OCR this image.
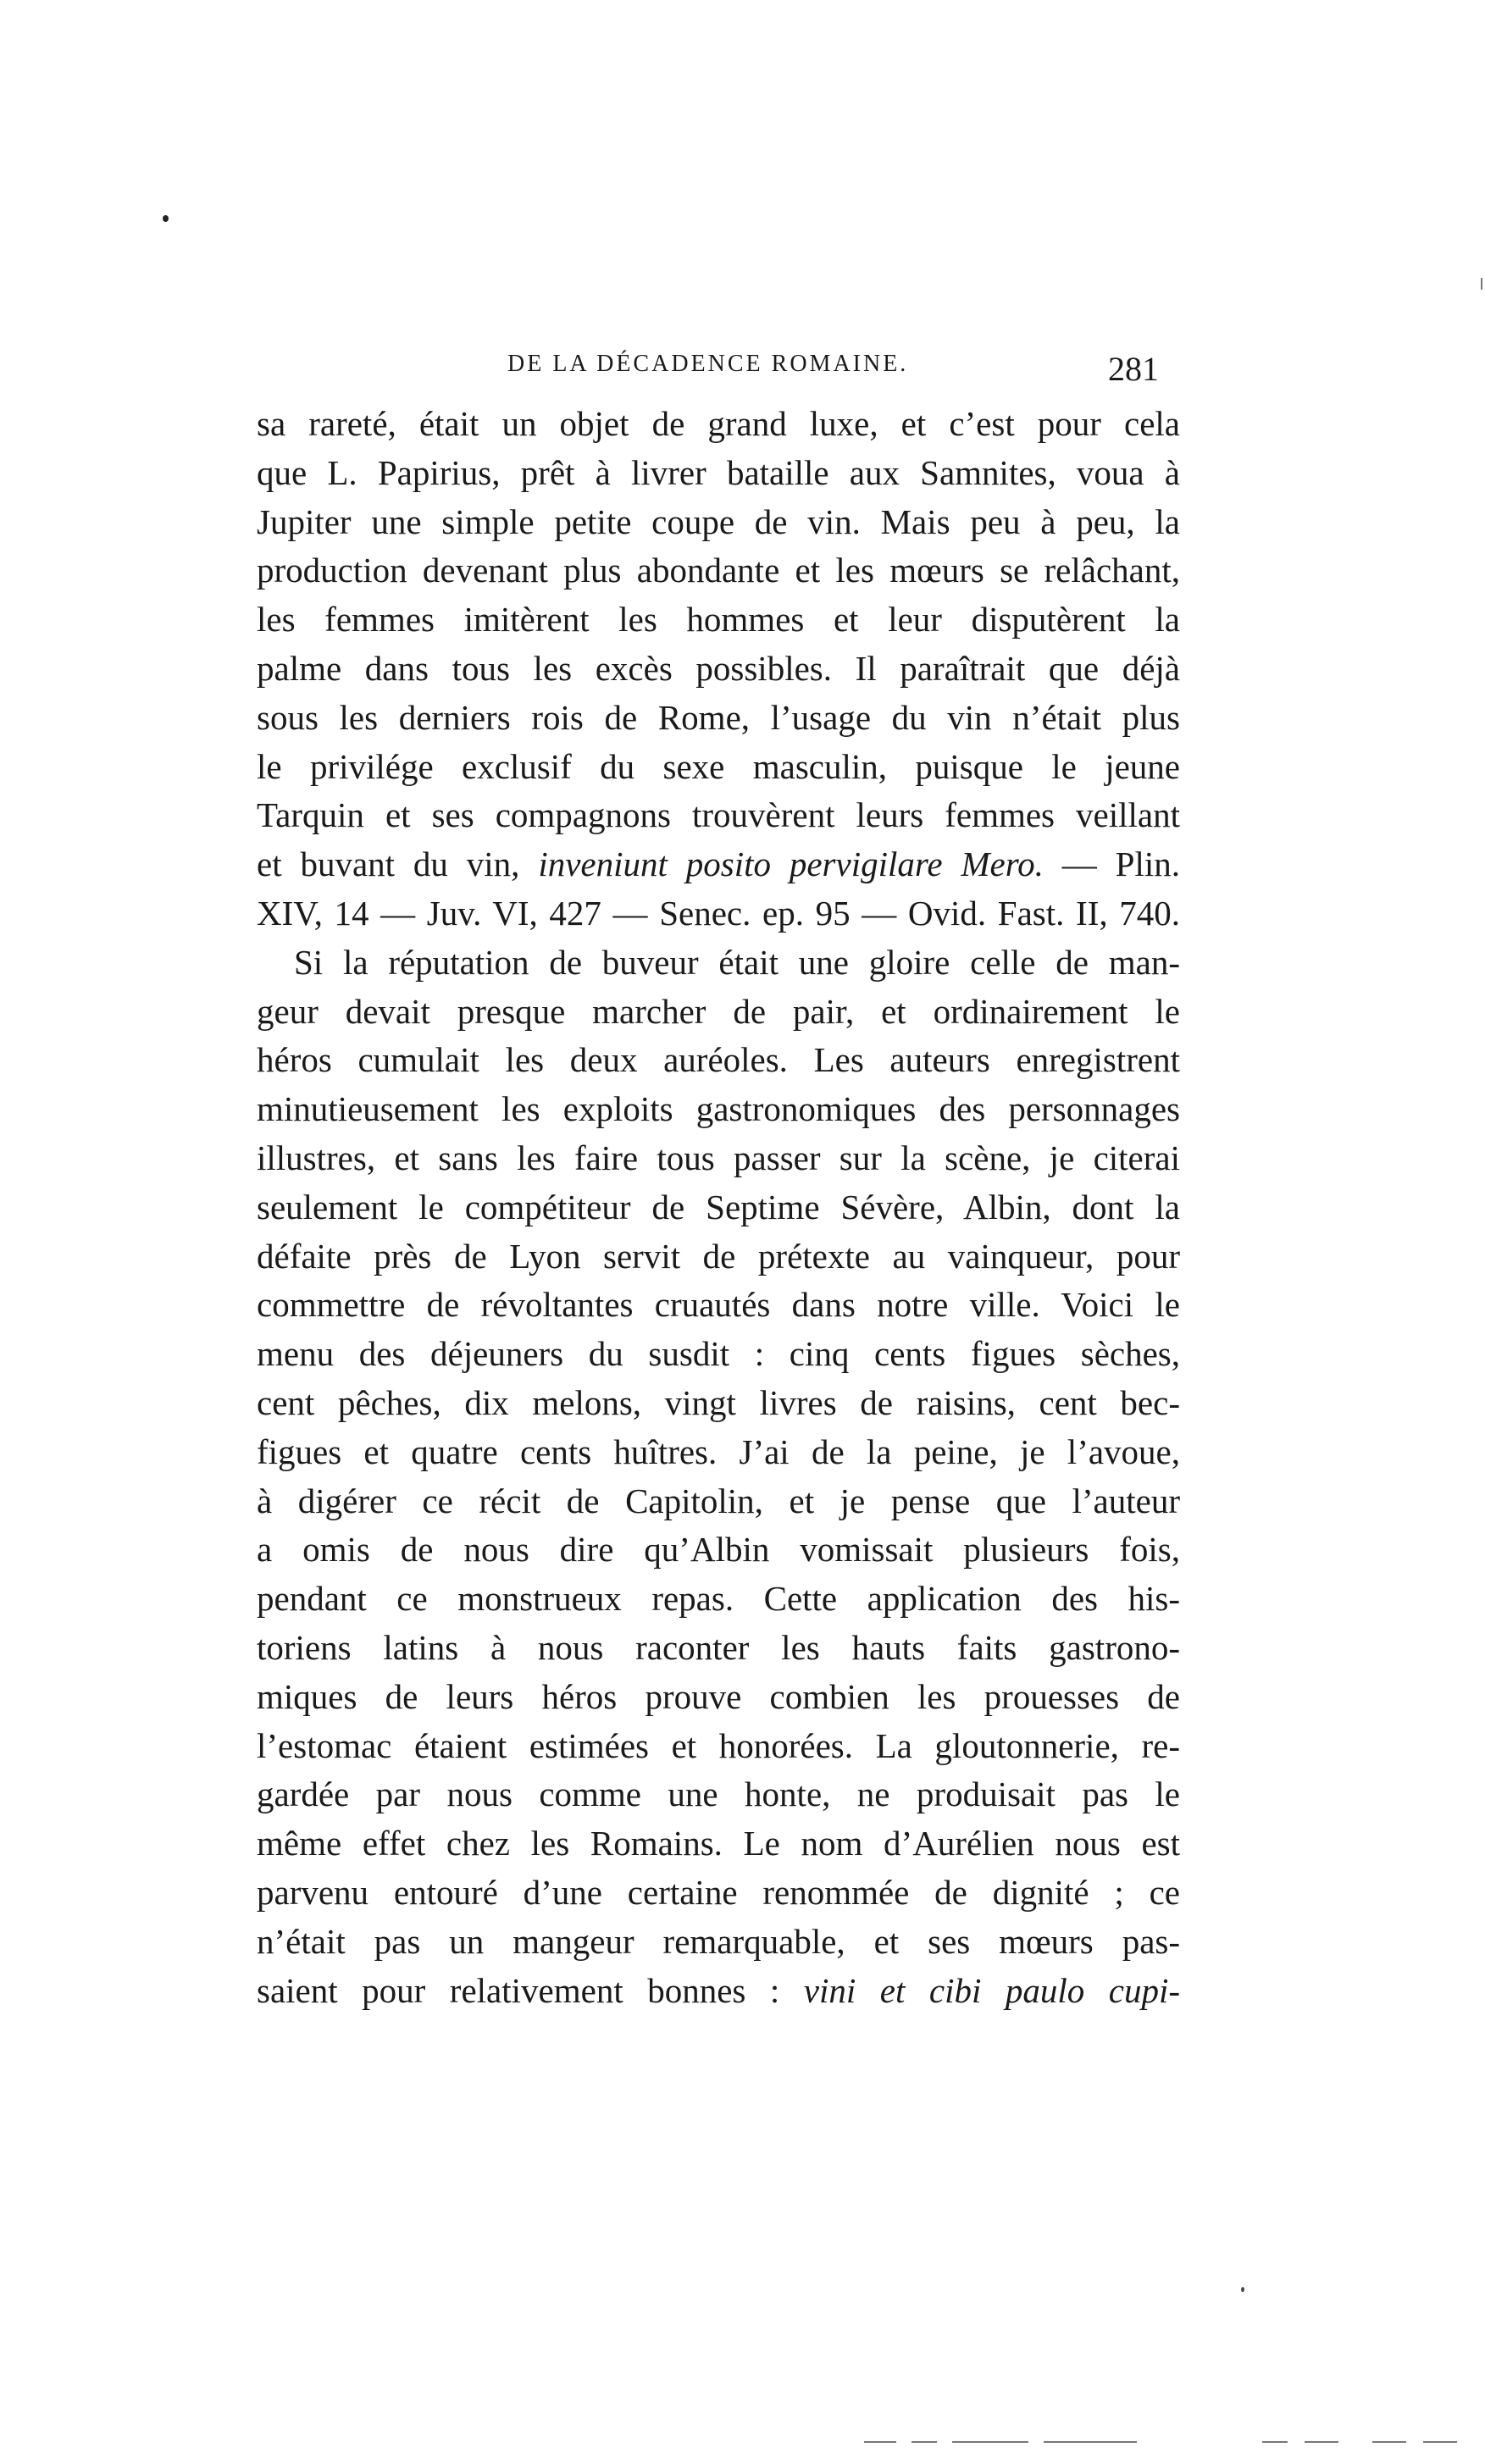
DE LA DÉCADENCE ROMAINE.	281
sa rareté, était un objet de grand luxe, et c’est pour cela
que L. Papirius, prêt à livrer bataille aux Samnites, voua à
Jupiter une simple petite coupe de vin. Mais peu à peu, la
production devenant plus abondante et les mœurs se relâchant,
les femmes imitèrent les hommes et leur disputèrent la
palme dans tous les excès possibles. Il paraîtrait que déjà
sous les derniers rois de Rome, l’usage du vin n’était plus
le privilége exclusif du sexe masculin, puisque le jeune
Tarquin et ses compagnons trouvèrent leurs femmes veillant
et buvant du vin, inveniunt posito pervigilare Mero. — Plin.
XIV, 14 — Juv. VI, 427 — Senec. ep. 95 — Ovid. Fast. II, 740.
Si la réputation de buveur était une gloire celle de man-
geur devait presque marcher de pair, et ordinairement le
héros cumulait les deux auréoles. Les auteurs enregistrent
minutieusement les exploits gastronomiques des personnages
illustres, et sans les faire tous passer sur la scène, je citerai
seulement le compétiteur de Septime Sévère, Albin, dont la
défaite près de Lyon servit de prétexte au vainqueur, pour
commettre de révoltantes cruautés dans notre ville. Voici le
menu des déjeuners du susdit : cinq cents figues sèches,
cent pêches, dix melons, vingt livres de raisins, cent bec-
figues et quatre cents huîtres. J’ai de la peine, je l’avoue,
à digérer ce récit de Capitolin, et je pense que l’auteur
a omis de nous dire qu’Albin vomissait plusieurs fois,
pendant ce monstrueux repas. Cette application des his-
toriens latins à nous raconter les hauts faits gastrono-
miques de leurs héros prouve combien les prouesses de
l’estomac étaient estimées et honorées. La gloutonnerie, re-
gardée par nous comme une honte, ne produisait pas le
même effet chez les Romains. Le nom d’Aurélien nous est
parvenu entouré d’une certaine renommée de dignité ; ce
n’était pas un mangeur remarquable, et ses mœurs pas-
saient pour relativement bonnes : vini et cibi paulo cupi-
